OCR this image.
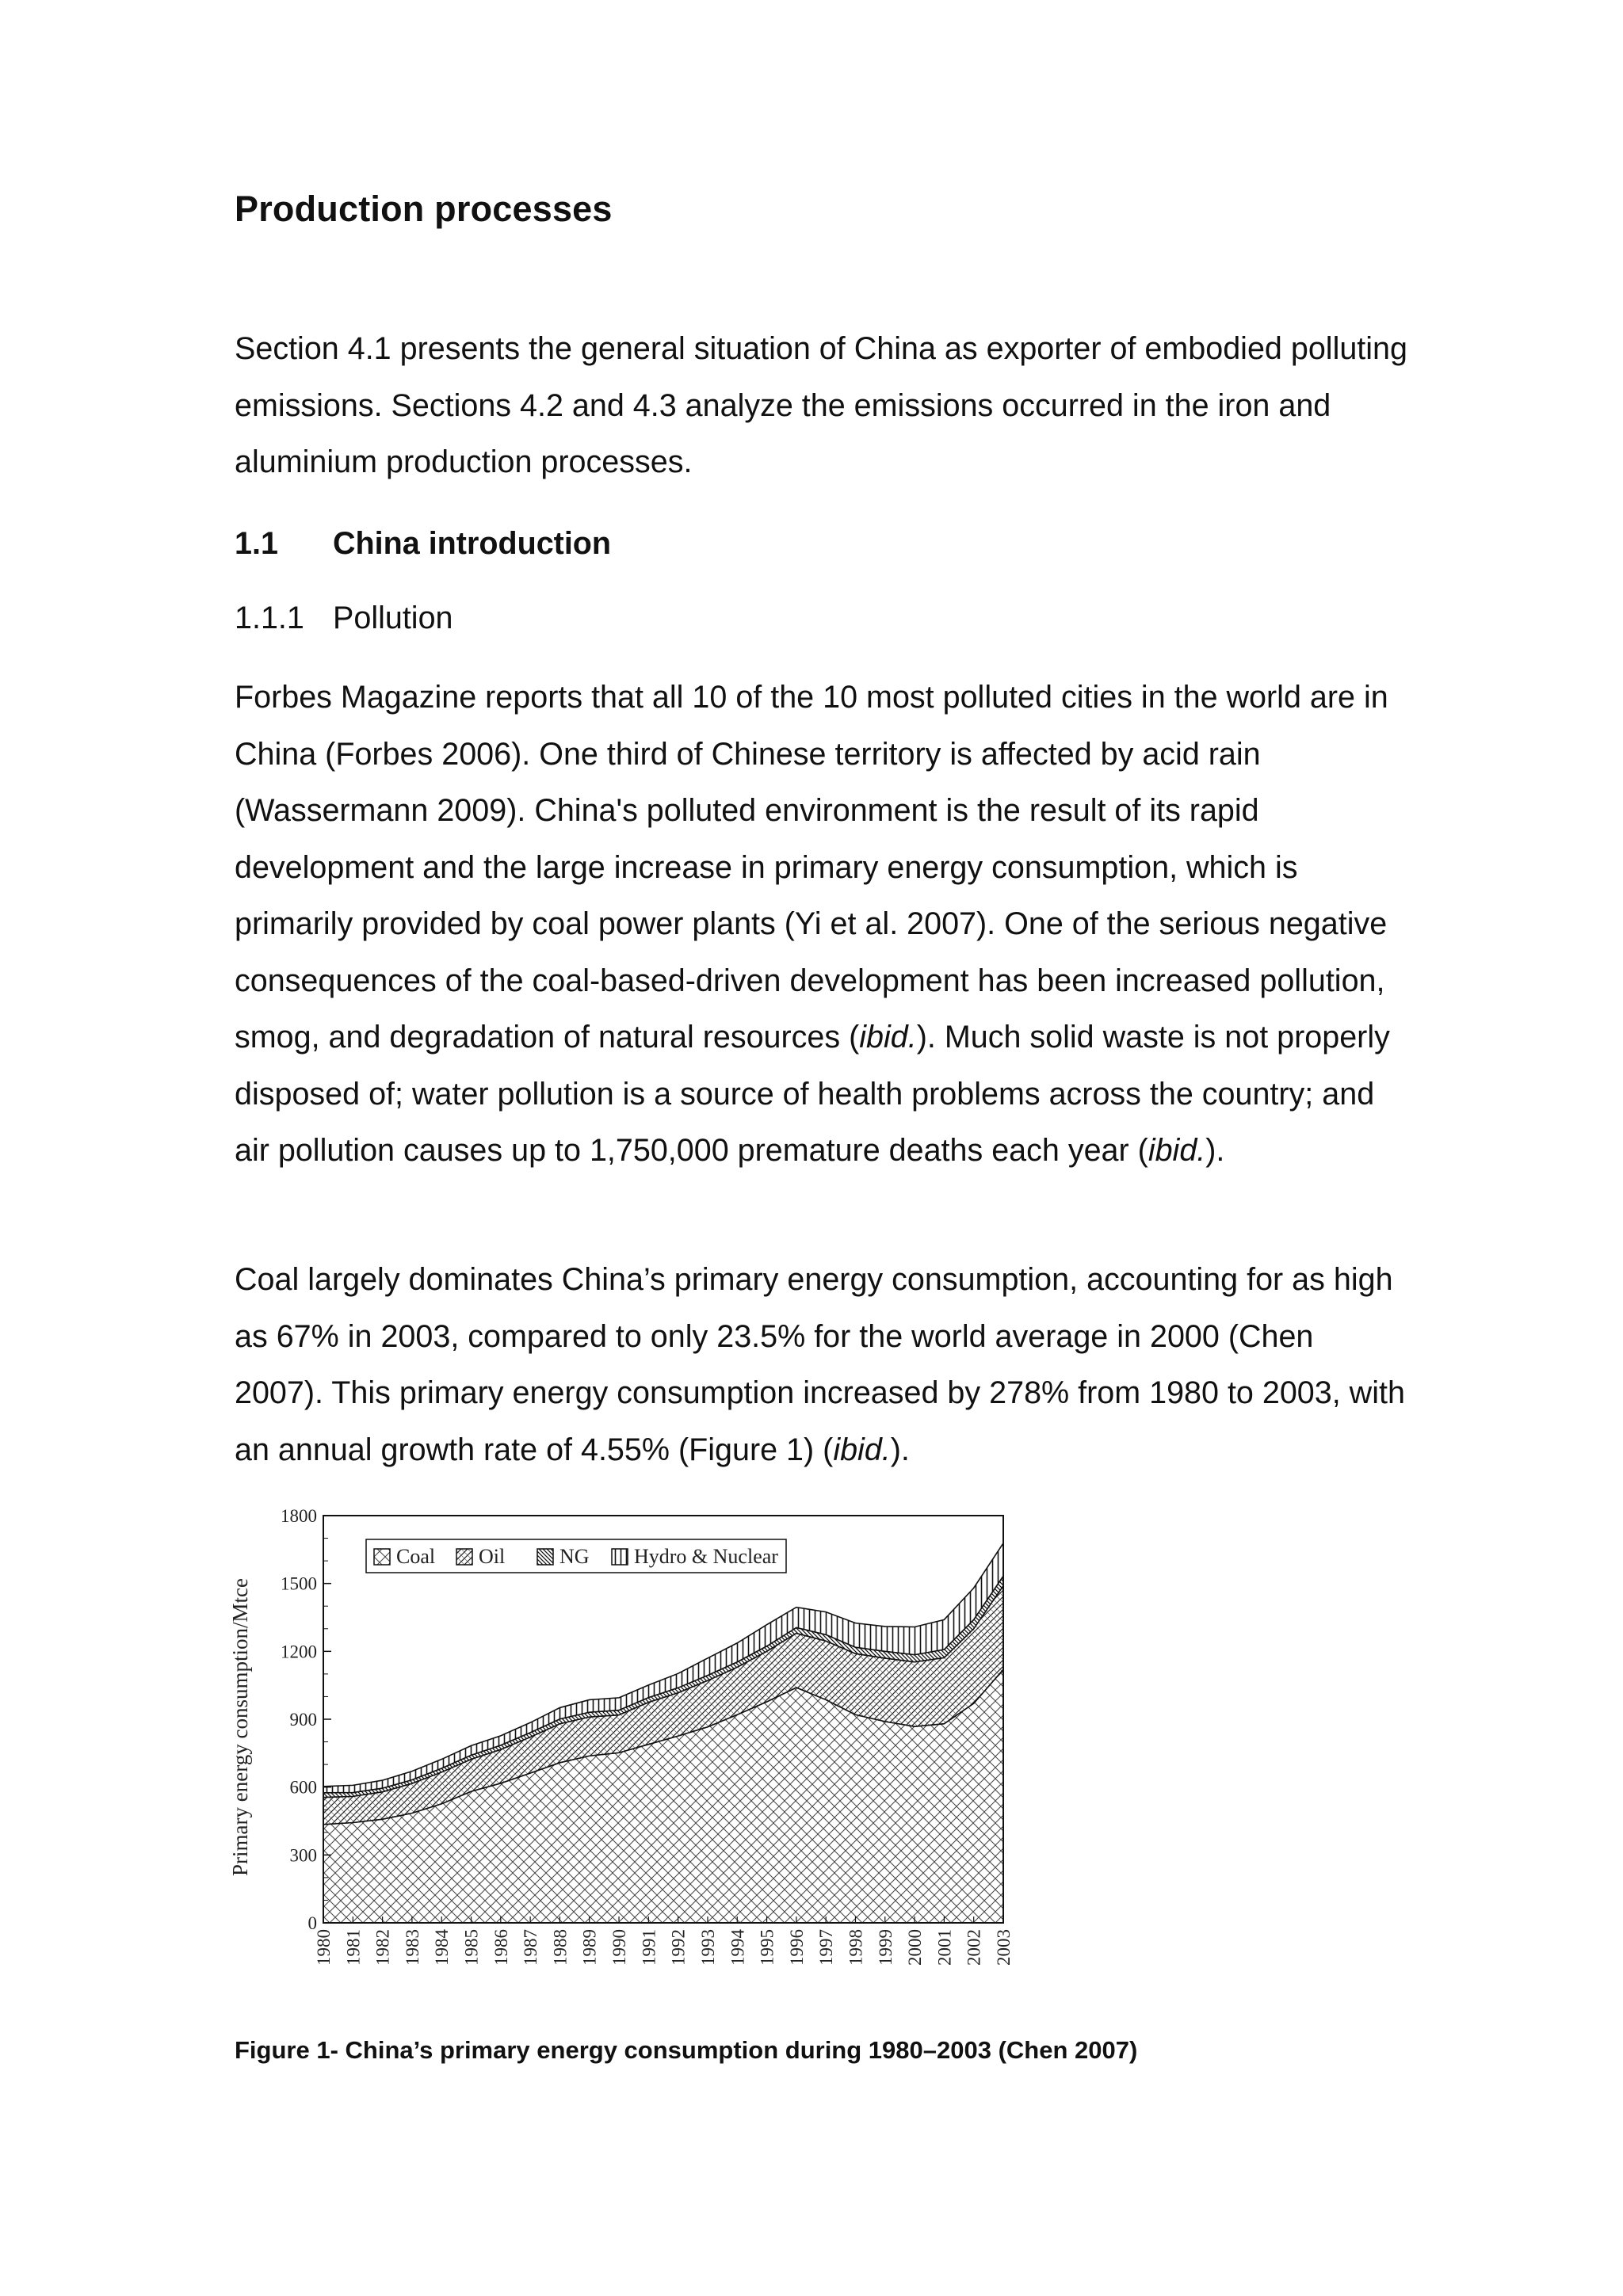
Production processes

Section 4.1 presents the general situation of China as exporter of embodied polluting emissions. Sections 4.2 and 4.3 analyze the emissions occurred in the iron and aluminium production processes.

1.1 China introduction
1.1.1 Pollution

Forbes Magazine reports that all 10 of the 10 most polluted cities in the world are in China (Forbes 2006). One third of Chinese territory is affected by acid rain (Wassermann 2009). China's polluted environment is the result of its rapid development and the large increase in primary energy consumption, which is primarily provided by coal power plants (Yi et al. 2007). One of the serious negative consequences of the coal-based-driven development has been increased pollution, smog, and degradation of natural resources (ibid.). Much solid waste is not properly disposed of; water pollution is a source of health problems across the country; and air pollution causes up to 1,750,000 premature deaths each year (ibid.).

Coal largely dominates China’s primary energy consumption, accounting for as high as 67% in 2003, compared to only 23.5% for the world average in 2000 (Chen 2007). This primary energy consumption increased by 278% from 1980 to 2003, with an annual growth rate of 4.55% (Figure 1) (ibid.).

0
300
600
900
1200
1500
1800
1980 1981 1982 1983 1984 1985 1986 1987 1988 1989 1990 1991 1992 1993 1994 1995 1996 1997 1998 1999 2000 2001 2002 2003
Primary energy consumption/Mtce
Coal Oil	NG Hydro & Nuclear

Figure 1- China’s primary energy consumption during 1980–2003 (Chen 2007)
